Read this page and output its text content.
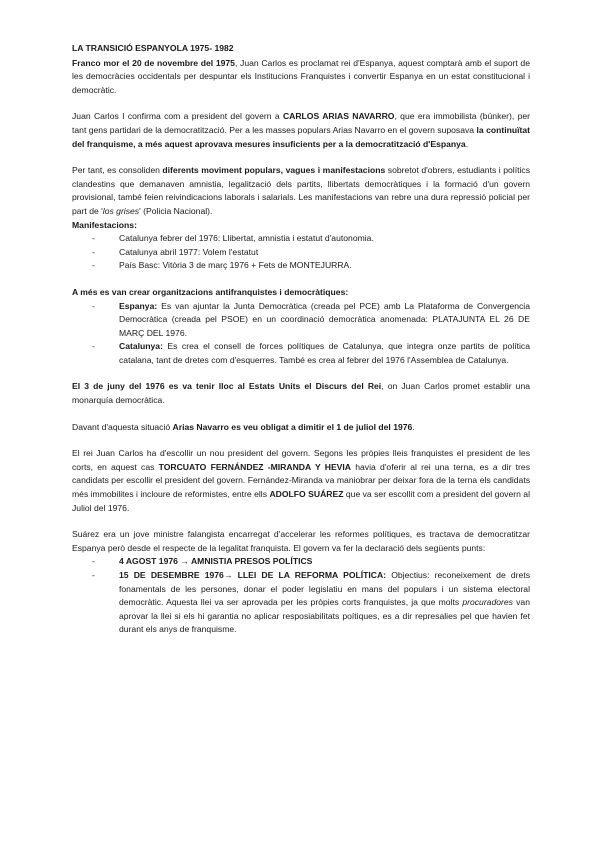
LA TRANSICIÓ ESPANYOLA 1975- 1982

Franco mor el 20 de novembre del 1975, Juan Carlos es proclamat rei d'Espanya, aquest comptarà amb el suport de les democràcies occidentals per despuntar els Institucions Franquistes i convertir Espanya en un estat constitucional i democràtic.

Juan Carlos I confirma com a president del govern a CARLOS ARIAS NAVARRO, que era immobilista (búnker), per tant gens partidari de la democratització. Per a les masses populars Arias Navarro en el govern suposava la continuïtat del franquisme, a més aquest aprovava mesures insuficients per a la democratització d'Espanya.

Per tant, es consoliden diferents moviment populars, vagues i manifestacions sobretot d'obrers, estudiants i polítics clandestins que demanaven amnistia, legalització dels partits, llibertats democràtiques i la formació d'un govern provisional, també feien reivindicacions laborals i salarials. Les manifestacions van rebre una dura repressió policial per part de 'los grises' (Policia Nacional).
Manifestacions:

- Catalunya febrer del 1976: Llibertat, amnistia i estatut d'autonomia.
- Catalunya abril 1977: Volem l'estatut
- País Basc: Vitòria 3 de març 1976 + Fets de MONTEJURRA.

A més es van crear organitzacions antifranquistes i democràtiques:

- Espanya: Es van ajuntar la Junta Democràtica (creada pel PCE) amb La Plataforma de Convergencia Democràtica (creada pel PSOE) en un coordinació democràtica anomenada: PLATAJUNTA EL 26 DE MARÇ DEL 1976.
- Catalunya: Es crea el consell de forces polítiques de Catalunya, que integra onze partits de política catalana, tant de dretes com d'esquerres. També es crea al febrer del 1976 l'Assemblea de Catalunya.

El 3 de juny del 1976 es va tenir lloc al Estats Units el Discurs del Rei, on Juan Carlos promet establir una monarquía democràtica.

Davant d'aquesta situació Arias Navarro es veu obligat a dimitir el 1 de juliol del 1976.

El rei Juan Carlos ha d'escollir un nou president del govern. Segons les pròpies lleis franquistes el president de les corts, en aquest cas TORCUATO FERNÁNDEZ -MIRANDA Y HEVIA havia d'oferir al rei una terna, es a dir tres candidats per escollir el president del govern. Fernández-Miranda va maniobrar per deixar fora de la terna els candidats més immobilites i incloure de reformistes, entre ells ADOLFO SUÁREZ que va ser escollit com a president del govern al Juliol del 1976.

Suárez era un jove ministre falangista encarregat d'accelerar les reformes polítiques, es tractava de democratitzar Espanya però desde el respecte de la legalitat franquista. El govern va fer la declaració dels següents punts:

- 4 AGOST 1976 → AMNISTIA PRESOS POLÍTICS
- 15 DE DESEMBRE 1976→ LLEI DE LA REFORMA POLÍTICA: Objectius: reconeixement de drets fonamentals de les persones, donar el poder legislatiu en mans del populars i un sistema electoral democràtic. Aquesta llei va ser aprovada per les pròpies corts franquistes, ja que molts procuradores van aprovar la llei si els hi garantia no aplicar resposiabilitats poítiques, es a dir represalies pel que havien fet durant els anys de franquisme.
